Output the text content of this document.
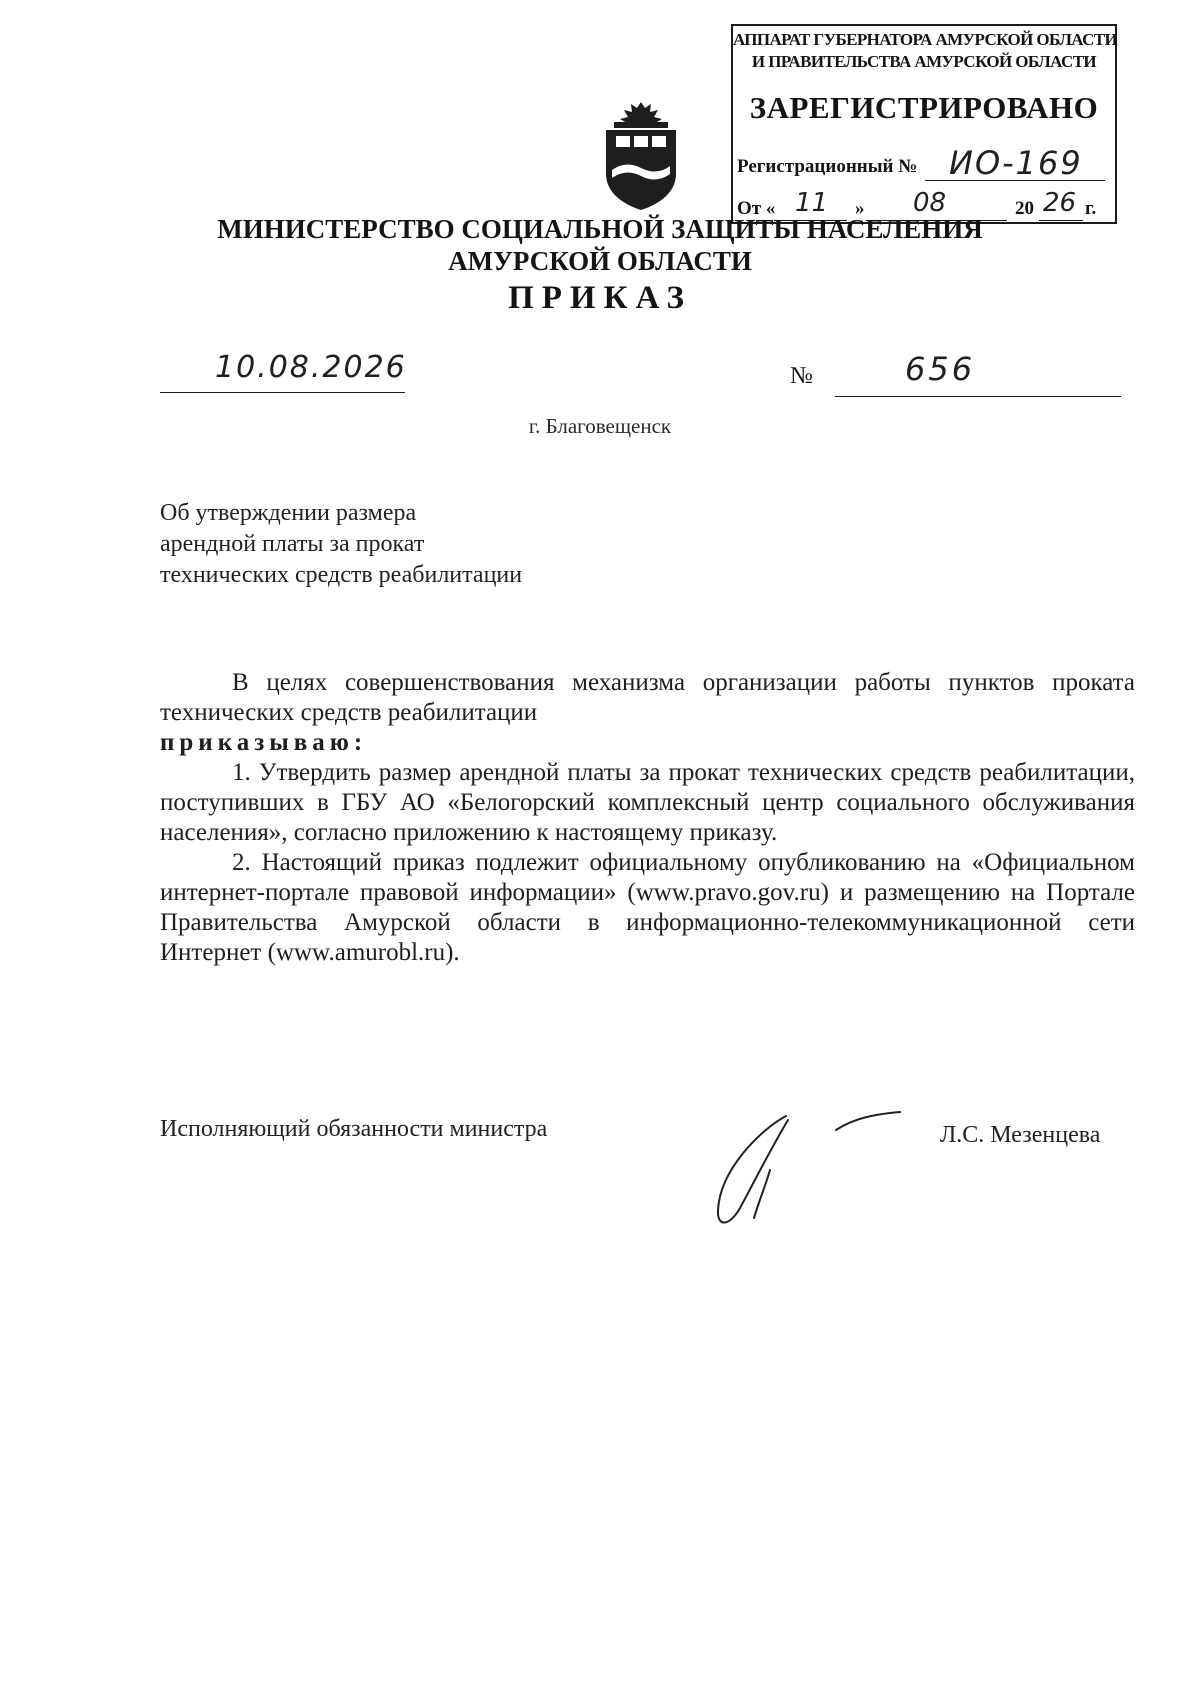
АППАРАТ ГУБЕРНАТОРА АМУРСКОЙ ОБЛАСТИ
И ПРАВИТЕЛЬСТВА АМУРСКОЙ ОБЛАСТИ
ЗАРЕГИСТРИРОВАНО
Регистрационный № ИО-169
От « 11 » 08	20 26 г.
МИНИСТЕРСТВО СОЦИАЛЬНОЙ ЗАЩИТЫ НАСЕЛЕНИЯ
АМУРСКОЙ ОБЛАСТИ
ПРИКАЗ
10.08.2026	№	656
г. Благовещенск
Об утверждении размера
арендной платы за прокат
технических средств реабилитации

В целях совершенствования механизма организации работы пунктов проката технических средств реабилитации

приказываю:

1. Утвердить размер арендной платы за прокат технических средств реабилитации, поступивших в ГБУ АО «Белогорский комплексный центр социального обслуживания населения», согласно приложению к настоящему приказу.

2. Настоящий приказ подлежит официальному опубликованию на «Официальном интернет-портале правовой информации» (www.pravo.gov.ru) и размещению на Портале Правительства Амурской области в информационно-телекоммуникационной сети Интернет (www.amurobl.ru).

Исполняющий обязанности министра	Л.С. Мезенцева
